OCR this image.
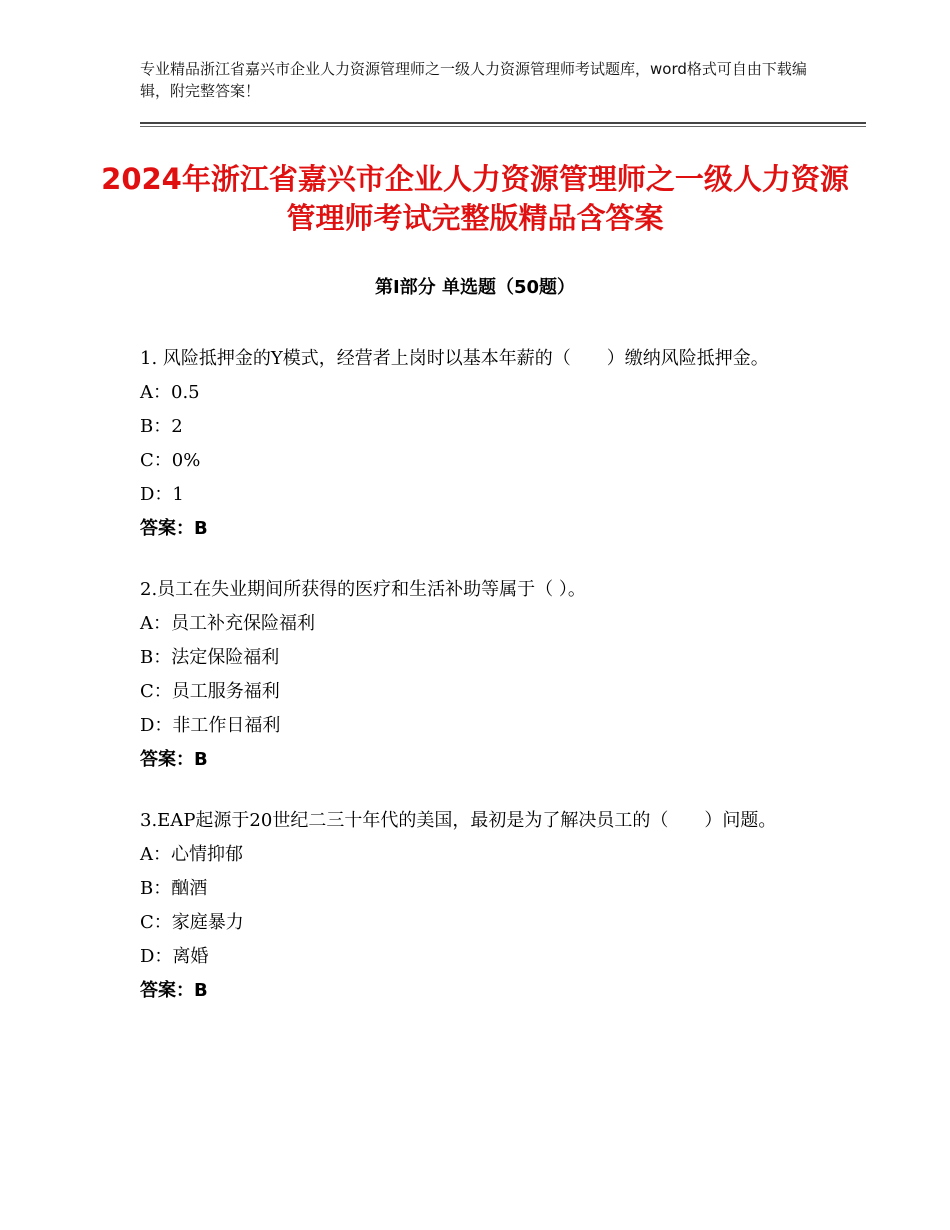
专业精品浙江省嘉兴市企业人力资源管理师之一级人力资源管理师考试题库，word格式可自由下载编辑，附完整答案！
2024年浙江省嘉兴市企业人力资源管理师之一级人力资源管理师考试完整版精品含答案
第Ⅰ部分 单选题（50题）
1. 风险抵押金的Y模式，经营者上岗时以基本年薪的（　　）缴纳风险抵押金。
A：0.5
B：2
C：0%
D：1
答案：B
2.员工在失业期间所获得的医疗和生活补助等属于（ ）。
A：员工补充保险福利
B：法定保险福利
C：员工服务福利
D：非工作日福利
答案：B
3.EAP起源于20世纪二三十年代的美国，最初是为了解决员工的（　　）问题。
A：心情抑郁
B：酗酒
C：家庭暴力
D：离婚
答案：B
